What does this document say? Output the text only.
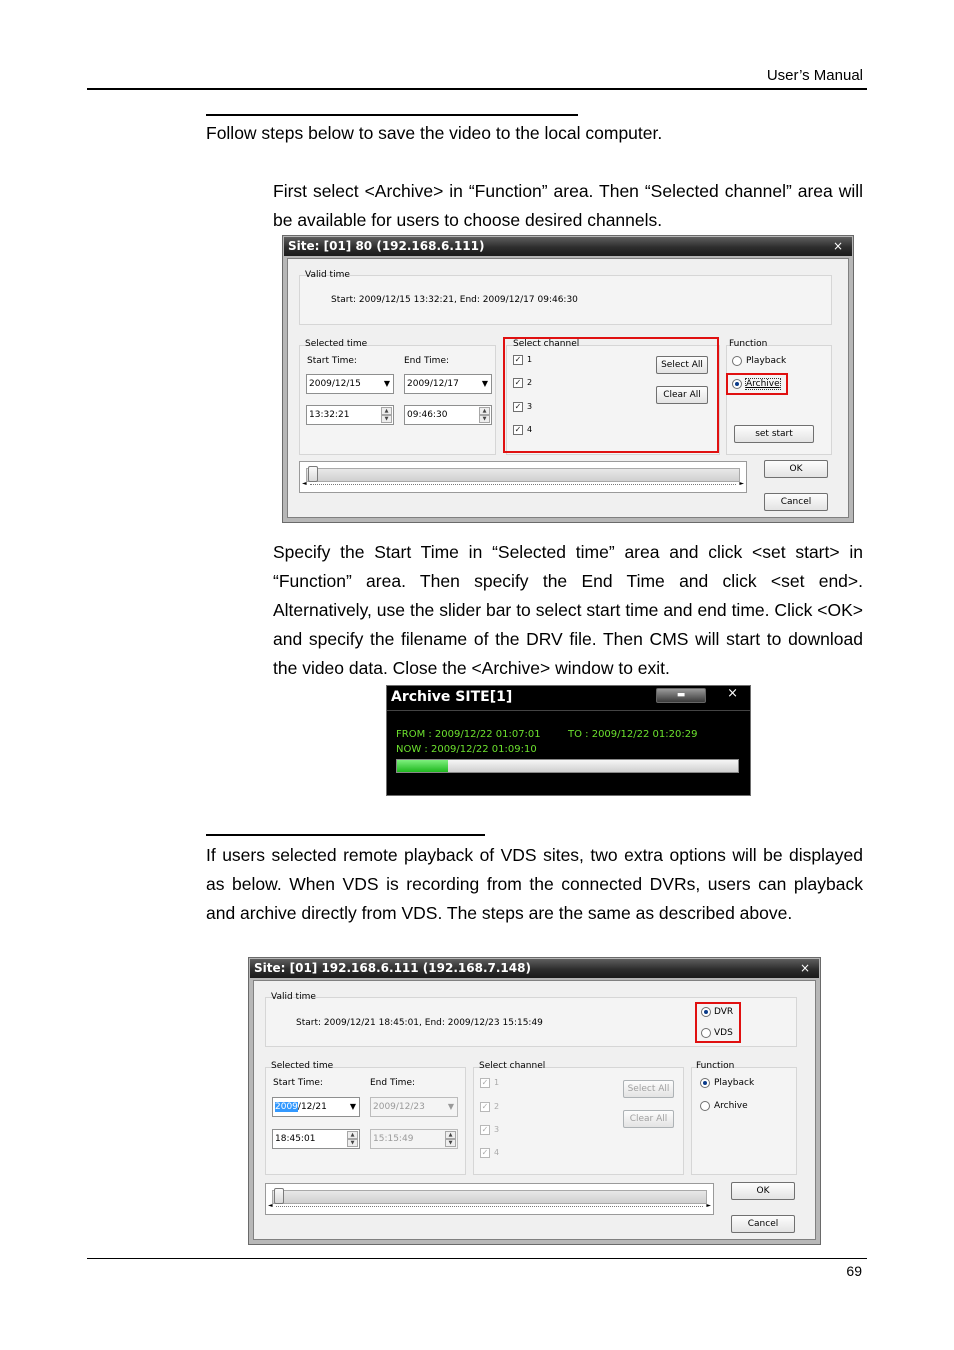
User’s Manual
Follow steps below to save the video to the local computer.
First select <Archive> in “Function” area. Then “Selected channel” area will be available for users to choose desired channels.
Site: [01] 80 (192.168.6.111)	×
Valid time
Start: 2009/12/15 13:32:21, End: 2009/12/17 09:46:30
Selected time
Start Time:	End Time:
2009/12/15	▼	2009/12/17	▼
13:32:21	▲
▼	09:46:30	▲
▼
Select channel
✓ 1
✓ 2
✓ 3
✓ 4
Select All
Clear All
Function
Playback
Archive
set start
◄	►
OK
Cancel
Specify the Start Time in “Selected time” area and click <set start> in “Function” area. Then specify the End Time and click <set end>. Alternatively, use the slider bar to select start time and end time. Click <OK> and specify the filename of the DRV file. Then CMS will start to download the video data. Close the <Archive> window to exit.
Archive SITE[1]	▬	×
FROM : 2009/12/22 01:07:01	TO : 2009/12/22 01:20:29
NOW : 2009/12/22 01:09:10
If users selected remote playback of VDS sites, two extra options will be displayed as below. When VDS is recording from the connected DVRs, users can playback and archive directly from VDS. The steps are the same as described above.
Site: [01] 192.168.6.111 (192.168.7.148)	×
Valid time
Start: 2009/12/21 18:45:01, End: 2009/12/23 15:15:49
DVR
VDS
Selected time
Start Time:	End Time:
2009/12/21	▼	2009/12/23	▼
18:45:01	▲
▼	15:15:49	▲
▼
Select channel
✓ 1
✓ 2
✓ 3
✓ 4
Select All
Clear All
Function
Playback
Archive
◄	►
OK
Cancel
69
